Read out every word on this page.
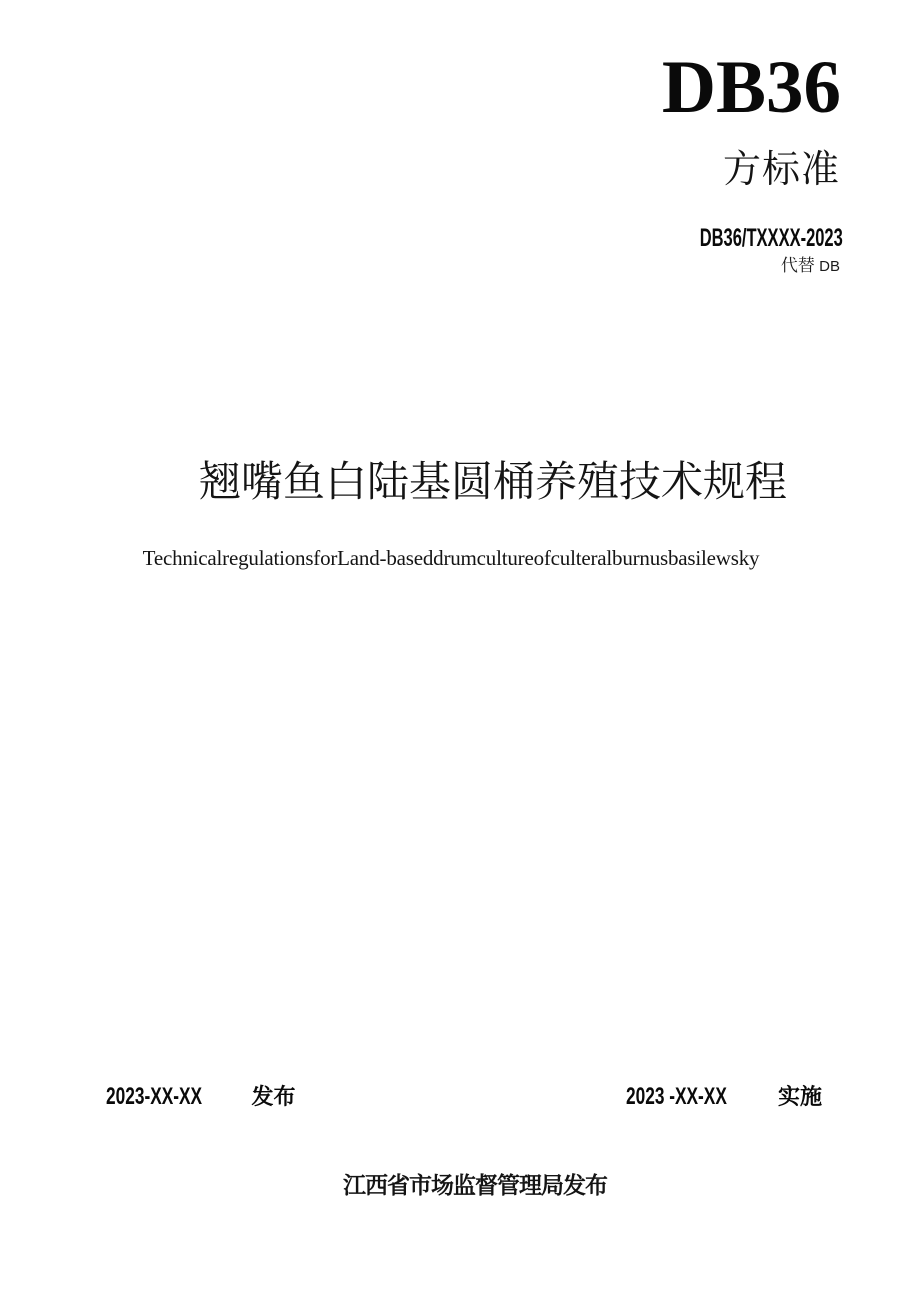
DB36
方标准
DB36/TXXXX-2023
代替 DB
翘嘴鱼白陆基圆桶养殖技术规程
TechnicalregulationsforLand-baseddrumcultureofculteralburnusbasilewsky
2023-XX-XX 发布	2023 -XX-XX 实施
江西省市场监督管理局发布
